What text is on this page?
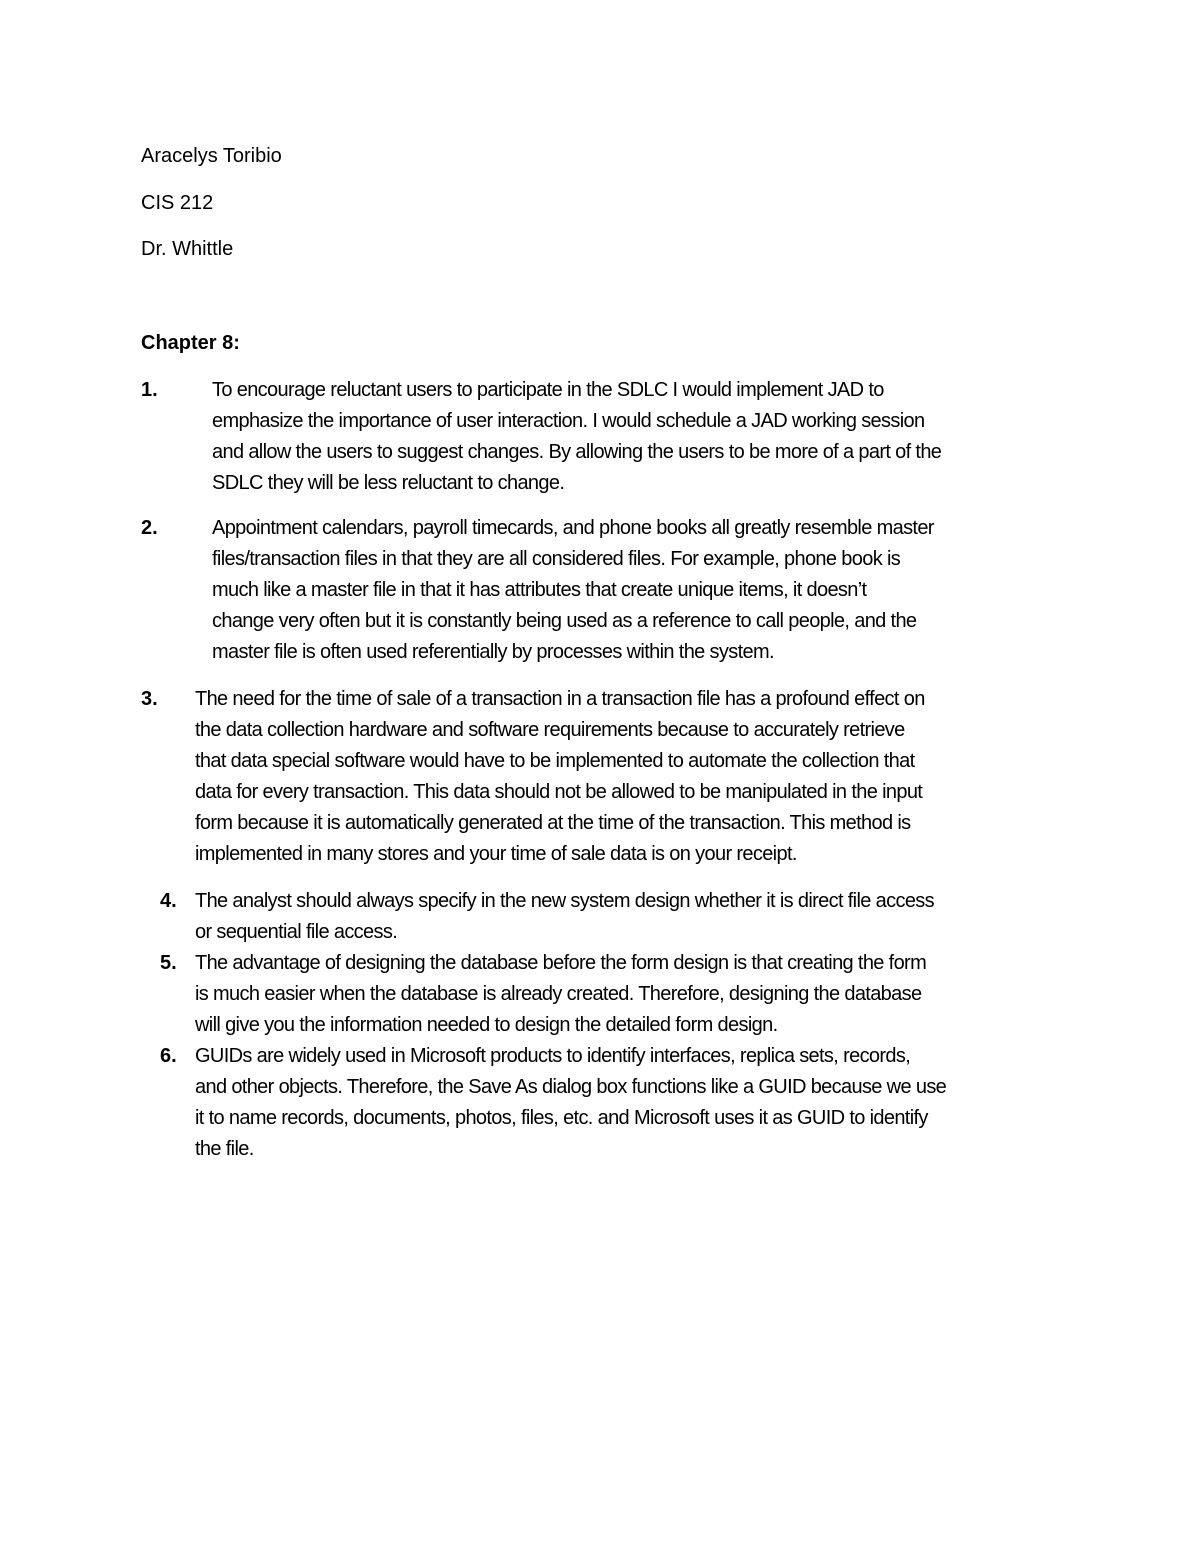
Aracelys Toribio
CIS 212
Dr. Whittle
Chapter 8:
1.	To encourage reluctant users to participate in the SDLC I would implement JAD to
emphasize the importance of user interaction. I would schedule a JAD working session
and allow the users to suggest changes. By allowing the users to be more of a part of the
SDLC they will be less reluctant to change.
2.	Appointment calendars, payroll timecards, and phone books all greatly resemble master
files/transaction files in that they are all considered files. For example, phone book is
much like a master file in that it has attributes that create unique items, it doesn’t
change very often but it is constantly being used as a reference to call people, and the
master file is often used referentially by processes within the system.
3. The need for the time of sale of a transaction in a transaction file has a profound effect on
the data collection hardware and software requirements because to accurately retrieve
that data special software would have to be implemented to automate the collection that
data for every transaction. This data should not be allowed to be manipulated in the input
form because it is automatically generated at the time of the transaction. This method is
implemented in many stores and your time of sale data is on your receipt.
4. The analyst should always specify in the new system design whether it is direct file access
or sequential file access.
5. The advantage of designing the database before the form design is that creating the form
is much easier when the database is already created. Therefore, designing the database
will give you the information needed to design the detailed form design.
6. GUIDs are widely used in Microsoft products to identify interfaces, replica sets, records,
and other objects. Therefore, the Save As dialog box functions like a GUID because we use
it to name records, documents, photos, files, etc. and Microsoft uses it as GUID to identify
the file.
